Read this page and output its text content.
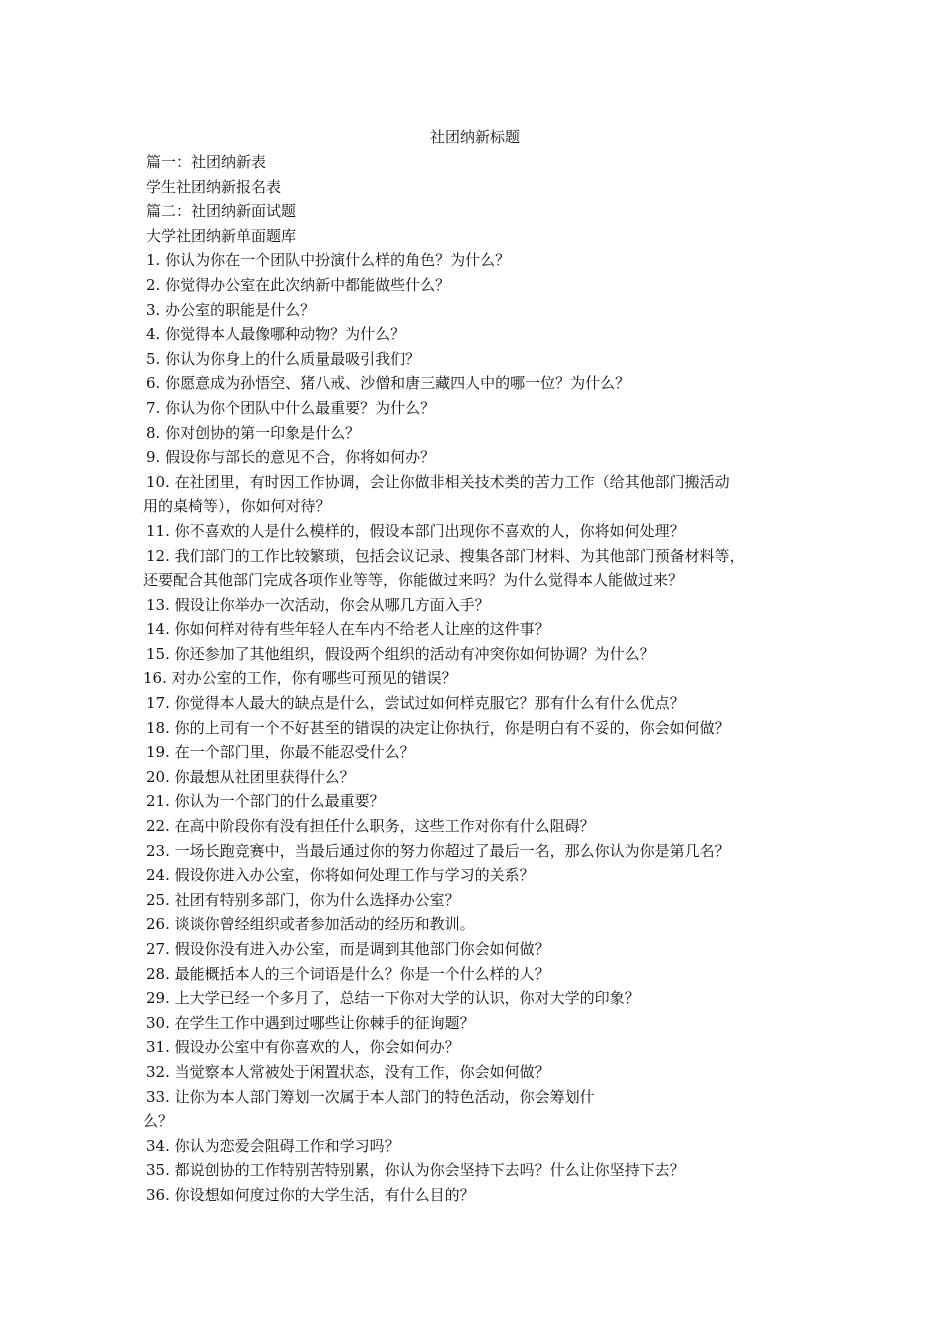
社团纳新标题
篇一：社团纳新表
学生社团纳新报名表
篇二：社团纳新面试题
大学社团纳新单面题库
1. 你认为你在一个团队中扮演什么样的角色？为什么？
2. 你觉得办公室在此次纳新中都能做些什么？
3. 办公室的职能是什么？
4. 你觉得本人最像哪种动物？为什么？
5. 你认为你身上的什么质量最吸引我们？
6. 你愿意成为孙悟空、猪八戒、沙僧和唐三藏四人中的哪一位？为什么？
7. 你认为你个团队中什么最重要？为什么？
8. 你对创协的第一印象是什么？
9. 假设你与部长的意见不合，你将如何办？
10. 在社团里，有时因工作协调，会让你做非相关技术类的苦力工作（给其他部门搬活动
用的桌椅等），你如何对待？
11. 你不喜欢的人是什么模样的，假设本部门出现你不喜欢的人，你将如何处理？
12. 我们部门的工作比较繁琐，包括会议记录、搜集各部门材料、为其他部门预备材料等，
还要配合其他部门完成各项作业等等，你能做过来吗？为什么觉得本人能做过来？
13. 假设让你举办一次活动，你会从哪几方面入手？
14. 你如何样对待有些年轻人在车内不给老人让座的这件事？
15. 你还参加了其他组织，假设两个组织的活动有冲突你如何协调？为什么？
16. 对办公室的工作，你有哪些可预见的错误？
17. 你觉得本人最大的缺点是什么，尝试过如何样克服它？那有什么有什么优点？
18. 你的上司有一个不好甚至的错误的决定让你执行，你是明白有不妥的，你会如何做？
19. 在一个部门里，你最不能忍受什么？
20. 你最想从社团里获得什么？
21. 你认为一个部门的什么最重要？
22. 在高中阶段你有没有担任什么职务，这些工作对你有什么阻碍？
23. 一场长跑竞赛中，当最后通过你的努力你超过了最后一名，那么你认为你是第几名？
24. 假设你进入办公室，你将如何处理工作与学习的关系？
25. 社团有特别多部门，你为什么选择办公室？
26. 谈谈你曾经组织或者参加活动的经历和教训。
27. 假设你没有进入办公室，而是调到其他部门你会如何做？
28. 最能概括本人的三个词语是什么？你是一个什么样的人？
29. 上大学已经一个多月了，总结一下你对大学的认识，你对大学的印象？
30. 在学生工作中遇到过哪些让你棘手的征询题？
31. 假设办公室中有你喜欢的人，你会如何办？
32. 当觉察本人常被处于闲置状态，没有工作，你会如何做？
33. 让你为本人部门筹划一次属于本人部门的特色活动，你会筹划什
么？
34. 你认为恋爱会阻碍工作和学习吗？
35. 都说创协的工作特别苦特别累，你认为你会坚持下去吗？什么让你坚持下去？
36. 你设想如何度过你的大学生活，有什么目的？
